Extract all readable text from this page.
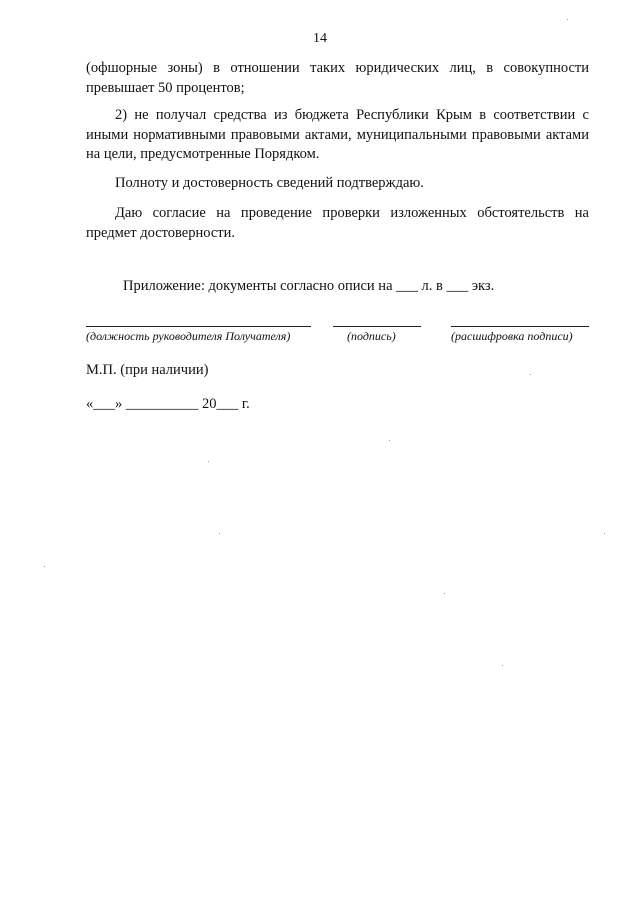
14

(офшорные зоны) в отношении таких юридических лиц, в совокупности превышает 50 процентов;

2) не получал средства из бюджета Республики Крым в соответствии с иными нормативными правовыми актами, муниципальными правовыми актами на цели, предусмотренные Порядком.

Полноту и достоверность сведений подтверждаю.

Даю согласие на проведение проверки изложенных обстоятельств на предмет достоверности.

Приложение: документы согласно описи на ___ л. в ___ экз.
(должность руководителя Получателя)	(подпись)	(расшифровка подписи)
М.П. (при наличии)
«___» __________ 20___ г.
